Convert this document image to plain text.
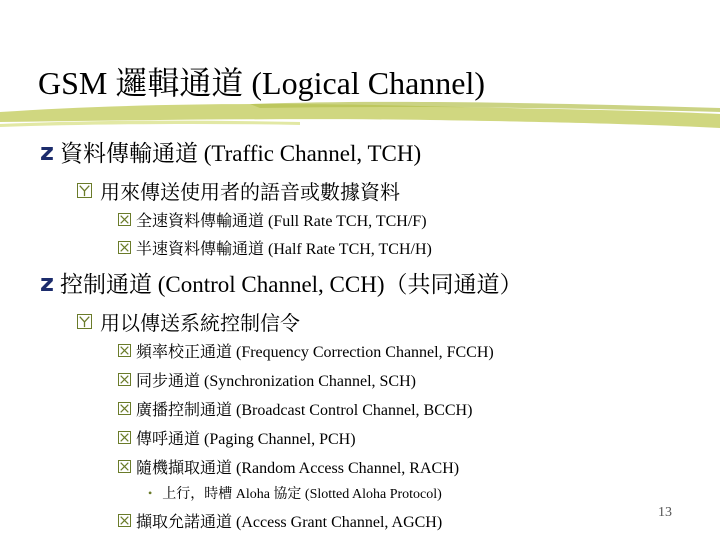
GSM 邏輯通道 (Logical Channel)
z 資料傳輸通道 (Traffic Channel, TCH)
用來傳送使用者的語音或數據資料
全速資料傳輸通道 (Full Rate TCH, TCH/F)
半速資料傳輸通道 (Half Rate TCH, TCH/H)
z 控制通道 (Control Channel, CCH)（共同通道）
用以傳送系統控制信令
頻率校正通道 (Frequency Correction Channel, FCCH)
同步通道 (Synchronization Channel, SCH)
廣播控制通道 (Broadcast Control Channel, BCCH)
傳呼通道 (Paging Channel, PCH)
隨機擷取通道 (Random Access Channel, RACH)
• 上行，時槽 Aloha 協定 (Slotted Aloha Protocol)
擷取允諾通道 (Access Grant Channel, AGCH)
13
